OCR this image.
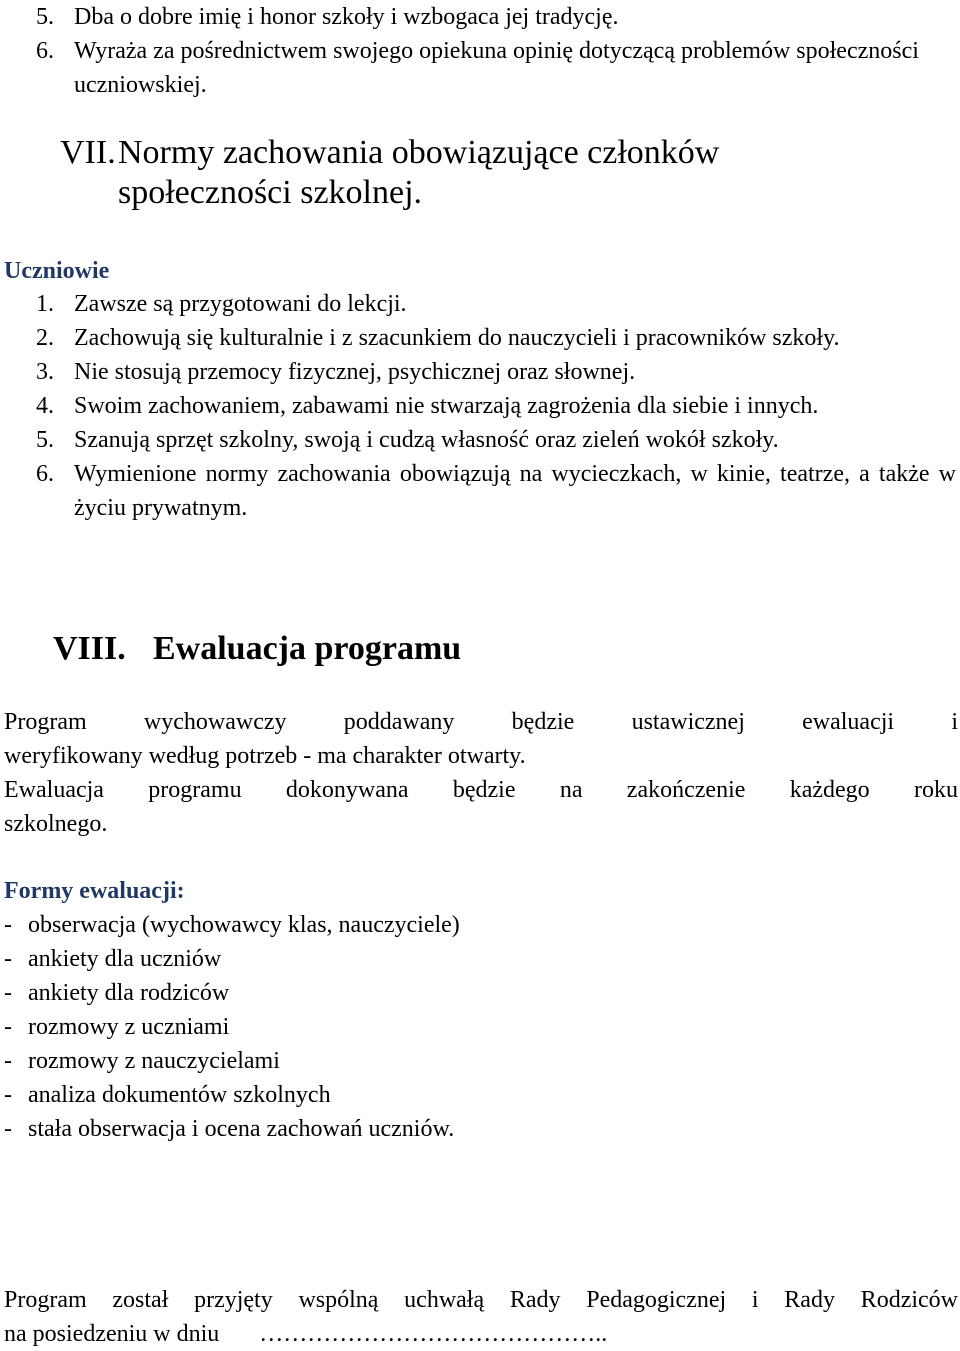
5. Dba o dobre imię i honor szkoły i wzbogaca jej tradycję.
6. Wyraża za pośrednictwem swojego opiekuna opinię dotyczącą problemów społeczności uczniowskiej.
VII. Normy zachowania obowiązujące członków
społeczności szkolnej.
Uczniowie
1. Zawsze są przygotowani do lekcji.
2. Zachowują się kulturalnie i z szacunkiem do nauczycieli i pracowników szkoły.
3. Nie stosują przemocy fizycznej, psychicznej oraz słownej.
4. Swoim zachowaniem, zabawami nie stwarzają zagrożenia dla siebie i innych.
5. Szanują sprzęt szkolny, swoją i cudzą własność oraz zieleń wokół szkoły.
6. Wymienione normy zachowania obowiązują na wycieczkach, w kinie, teatrze, a także w życiu prywatnym.
VIII. Ewaluacja programu
Program wychowawczy poddawany będzie ustawicznej ewaluacji i
weryfikowany według potrzeb - ma charakter otwarty.
Ewaluacja programu dokonywana będzie na zakończenie każdego roku
szkolnego.
Formy ewaluacji:
- obserwacja (wychowawcy klas, nauczyciele)
- ankiety dla uczniów
- ankiety dla rodziców
- rozmowy z uczniami
- rozmowy z nauczycielami
- analiza dokumentów szkolnych
- stała obserwacja i ocena zachowań uczniów.
Program został przyjęty wspólną uchwałą Rady Pedagogicznej i Rady Rodziców
na posiedzeniu w dniu ……………………………………..
